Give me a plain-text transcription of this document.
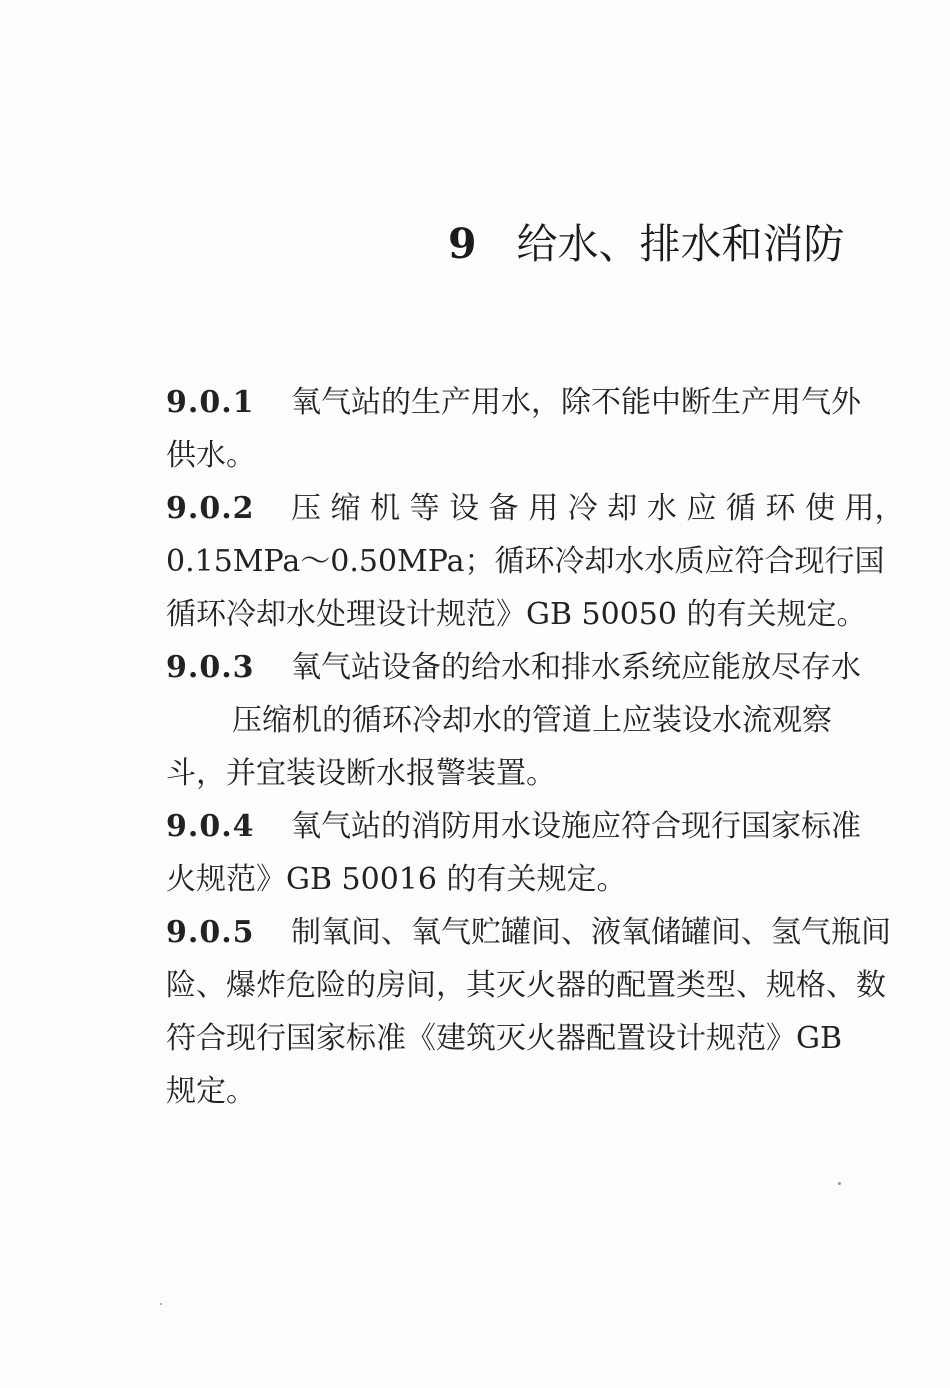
9 给水、排水和消防
9.0.1 氧气站的生产用水，除不能中断生产用气外
供水。
9.0.2 压 缩 机 等 设 备 用 冷 却 水 应 循 环 使 用，
0.15MPa～0.50MPa；循环冷却水水质应符合现行国
循环冷却水处理设计规范》GB 50050 的有关规定。
9.0.3 氧气站设备的给水和排水系统应能放尽存水
压缩机的循环冷却水的管道上应装设水流观察
斗，并宜装设断水报警装置。
9.0.4 氧气站的消防用水设施应符合现行国家标准
火规范》GB 50016 的有关规定。
9.0.5 制氧间、氧气贮罐间、液氧储罐间、氢气瓶间
险、爆炸危险的房间，其灭火器的配置类型、规格、数
符合现行国家标准《建筑灭火器配置设计规范》GB
规定。
